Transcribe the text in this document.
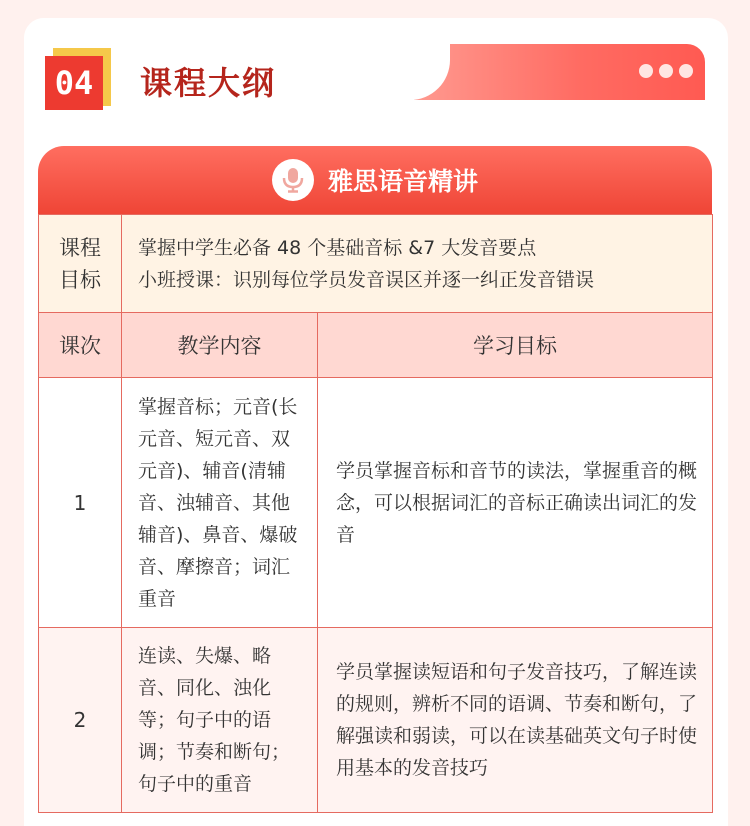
04	课程大纲
雅思语音精讲
课程目标	掌握中学生必备 48 个基础音标 &7 大发音要点
小班授课：识别每位学员发音误区并逐一纠正发音错误	

课次	教学内容	学习目标
1	掌握音标；元音(长元音、短元音、双元音)、辅音(清辅音、浊辅音、其他辅音)、鼻音、爆破音、摩擦音；词汇重音	学员掌握音标和音节的读法，掌握重音的概念，可以根据词汇的音标正确读出词汇的发音
2	连读、失爆、略音、同化、浊化等；句子中的语调；节奏和断句；句子中的重音	学员掌握读短语和句子发音技巧，了解连读的规则，辨析不同的语调、节奏和断句，了解强读和弱读，可以在读基础英文句子时使用基本的发音技巧
